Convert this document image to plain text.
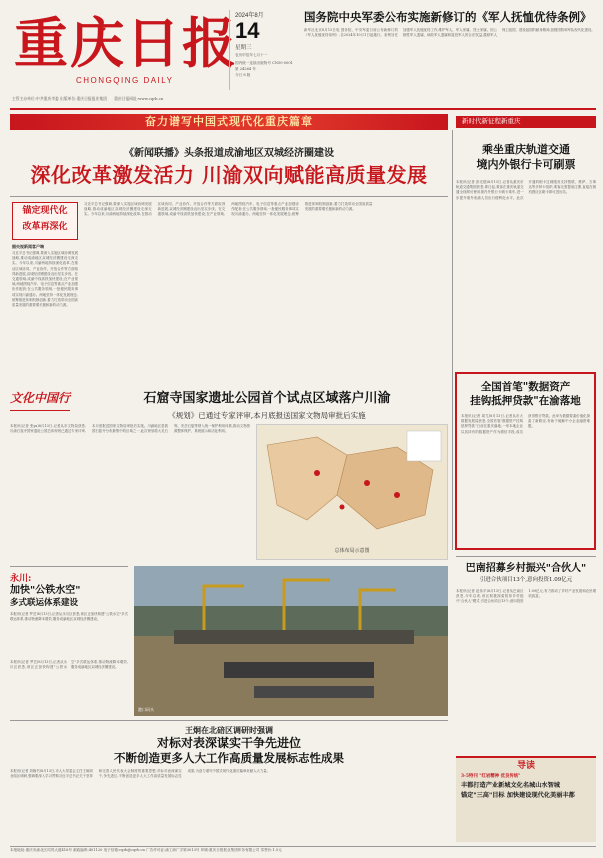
重庆日报
CHONGQING DAILY
2024年8月
14
星期三
农历甲辰年七月十一
国内统一连续出版物号 CN50-0001
第 24264 号
今日 8 版
主管主办单位:中共重庆市委 出版单位:重庆日报报业集团 重庆日报网址:www.cqrb.cn
国务院中央军委公布实施新修订的《军人抚恤优待条例》
新华社北京8月13日电 国务院、中央军委日前公布新修订的《军人抚恤优待条例》,自2024年10月1日起施行。条例旨在加强军人抚恤优待工作,维护军人、军人家属、烈士家属、因公牺牲军人遗属、病故军人遗属和退役军人的合法权益,激励军人保卫祖国、建设祖国的献身精神,加强国防和军队现代化建设。
奋力谱写中国式现代化重庆篇章	新时代新征程新重庆
《新闻联播》头条报道成渝地区双城经济圈建设
深化改革激发活力 川渝双向赋能高质量发展
锚定现代化
改革再深化
据央视新闻客户端
习近平总书记强调,要深入实施区域协调发展战略,推动成渝地区双城经济圈建设走深走实。今年以来,川渝两地持续深化改革,在推动区域协同、产业协作、开放合作等方面取得新进展,双城经济圈建设迈出坚实步伐。在交通领域,成渝中线高铁加快建设;在产业领域,两地围绕汽车、电子信息等重点产业加强协作配套;在公共服务领域,一批便民服务事项实现川渝通办。两地坚持一体化发展理念,统筹推进体制机制创新,着力打造带动全国高质量发展的重要增长极和新的动力源。
习近平总书记强调,要深入实施区域协调发展战略,推动成渝地区双城经济圈建设走深走实。今年以来,川渝两地持续深化改革,在推动区域协同、产业协作、开放合作等方面取得新进展,双城经济圈建设迈出坚实步伐。在交通领域,成渝中线高铁加快建设;在产业领域,两地围绕汽车、电子信息等重点产业加强协作配套;在公共服务领域,一批便民服务事项实现川渝通办。两地坚持一体化发展理念,统筹推进体制机制创新,着力打造带动全国高质量发展的重要增长极和新的动力源。
乘坐重庆轨道交通
境内外银行卡可刷票
本报讯(记者 彭光瑞)8月13日,记者从重庆市轨道交通集团获悉,即日起,乘客在重庆轨道交通全线网可使用境内外银行卡刷卡乘车,进一步提升境外来渝人员出行便利化水平。此次开通的刷卡过闸服务支持银联、维萨、万事达等多种卡组织,乘客无需提前注册,直接在闸机感应区刷卡即可进出站。
文化中国行	石窟寺国家遗址公园首个试点区域落户川渝
《规划》已通过专家评审,本月底报送国家文物局审批后实施
本报讯(记者 张ya)8月13日,记者从市文物局获悉,川渝石窟寺国家遗址公园总体规划已通过专家评审,本月底报送国家文物局审批后实施。川渝地区是我国石窟寺分布最集中的区域之一,此次规划将大足石刻、安岳石窟等纳入统一保护利用体系,推动文物资源整体保护、系统展示和活化利用。
总体布局示意图
全国首笔"数据资产
挂钩抵押贷款"在渝落地
本报讯(记者 周尤)8月13日,记者从市大数据发展局获悉,全国首笔"数据资产挂钩抵押贷款"日前在重庆落地,一家本地企业以其持有的数据资产作为增信手段,成功获得银行贷款。此举为数据要素价值化探索了新路径,有助于破解中小企业融资难题。
永川:
加快"公铁水空"
多式联运体系建设
本报讯(记者 罗芸)8月13日,记者从永川区获悉,该区正加快构建"公铁水空"多式联运体系,推动物流降本增效,服务成渝地区双城经济圈建设。
港口码头
本报讯(记者 罗芸)8月13日,记者从永川区获悉,该区正加快构建"公铁水空"多式联运体系,推动物流降本增效,服务成渝地区双城经济圈建设。
王炯在北碚区调研时强调
对标对表深谋实干争先进位
不断创造更多人大工作高质量发展标志性成果
本报讯(记者 刘翰书)8月13日,市人大常委会主任王炯到北碚区调研,强调要深入学习贯彻习近平总书记关于坚持和完善人民代表大会制度的重要思想,对标对表深谋实干,争先进位,不断创造更多人大工作高质量发展标志性成果,为奋力谱写中国式现代化重庆篇章贡献人大力量。
巴南招募乡村振兴"合伙人"
引进合伙项目13个,意向投资1.09亿元
本报讯(记者 赵伟平)8月13日,记者从巴南区获悉,今年以来,该区积极探索招募乡村振兴"合伙人"模式,引进合伙项目13个,意向投资1.09亿元,有力推动了乡村产业发展和农民增收致富。
导读
3-5特刊 "红岩精神 优良传统"
丰都打造产业新城文化名城山水智城
锚定"三高"目标 加快建设现代化美丽丰都
本报地址:重庆市渝北区同茂大道416号 邮政编码:401120 电子信箱:cqrb@cqrb.cn 广告许可证:渝工商广字第3013号 印刷:重庆日报报业集团印务有限公司 零售价:1.5元
